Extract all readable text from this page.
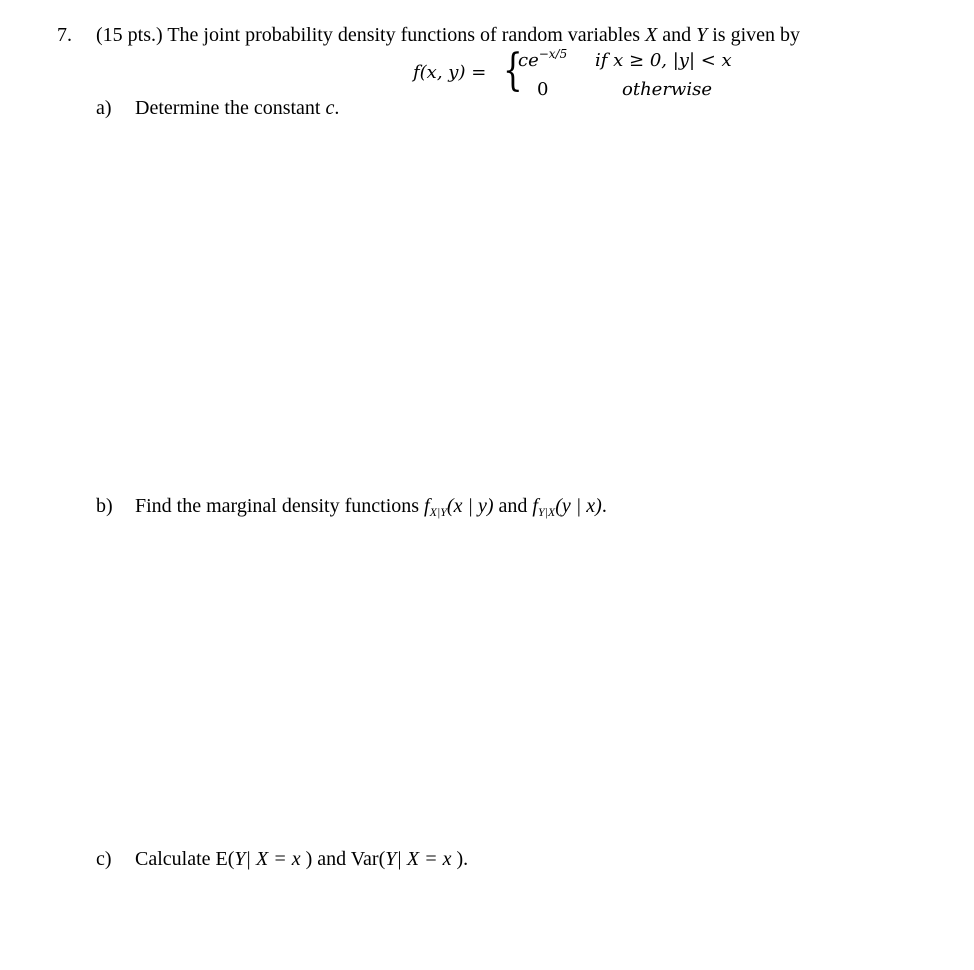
7. (15 pts.) The joint probability density functions of random variables X and Y is given by
f(x, y) = {
$ce^{-x/5}$ if x ≥ 0, |y| < x
0	otherwise
a) Determine the constant c.
b) Find the marginal density functions $f_{X|Y}(x$ | y) and $f_{Y|X}(y$ | x).
c) Calculate E(Y| X = x ) and Var(Y| X = x ).
